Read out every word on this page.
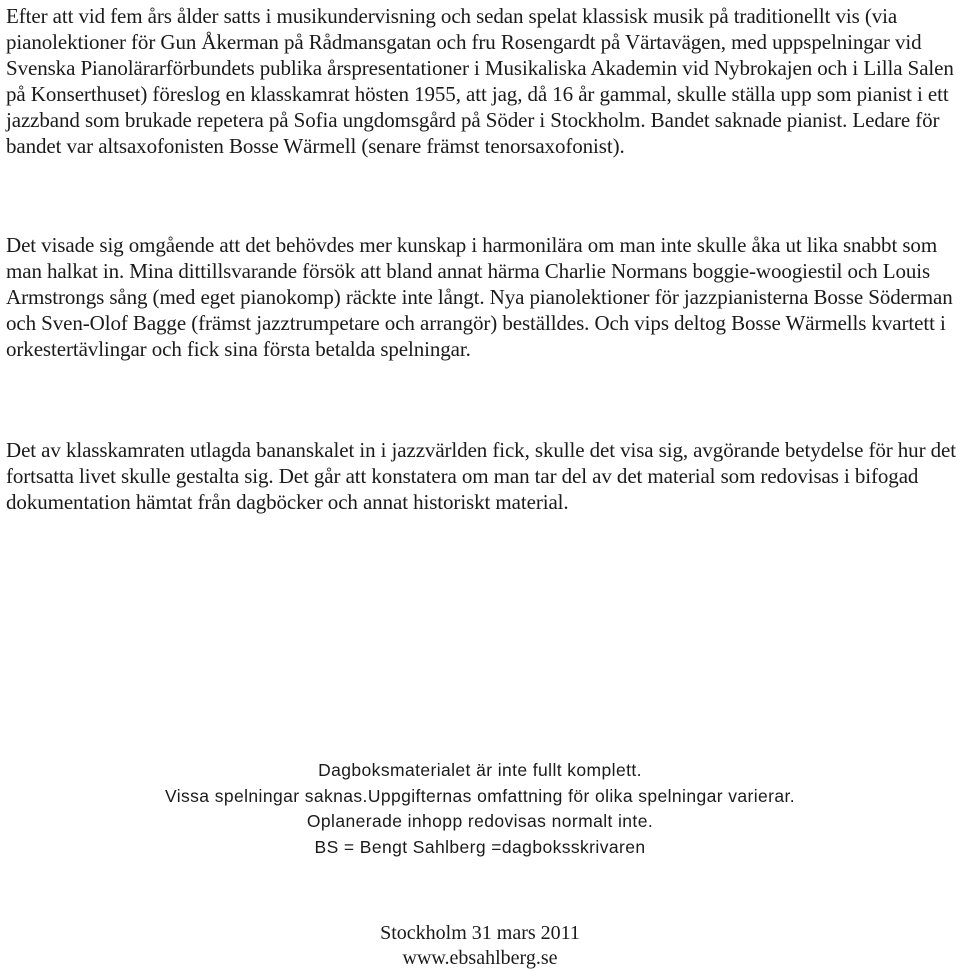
Efter att vid fem års ålder satts i musikundervisning och sedan spelat klassisk musik på traditionellt vis (via pianolektioner för Gun Åkerman på Rådmansgatan och fru Rosengardt på Värtavägen, med uppspelningar vid Svenska Pianolärarförbundets publika årspresentationer i Musikaliska Akademin vid Nybrokajen och i Lilla Salen på Konserthuset) föreslog en klasskamrat hösten 1955, att jag, då 16 år gammal, skulle ställa upp som pianist i ett jazzband som brukade repetera på Sofia ungdomsgård på Söder i Stockholm. Bandet saknade pianist. Ledare för bandet var altsaxofonisten Bosse Wärmell (senare främst tenorsaxofonist).

Det visade sig omgående att det behövdes mer kunskap i harmonilära om man inte skulle åka ut lika snabbt som man halkat in. Mina dittillsvarande försök att bland annat härma Charlie Normans boggie-woogiestil och Louis Armstrongs sång (med eget pianokomp) räckte inte långt. Nya pianolektioner för jazzpianisterna Bosse Söderman och Sven-Olof Bagge (främst jazztrumpetare och arrangör) beställdes. Och vips deltog Bosse Wärmells kvartett i orkestertävlingar och fick sina första betalda spelningar.

Det av klasskamraten utlagda bananskalet in i jazzvärlden fick, skulle det visa sig, avgörande betydelse för hur det fortsatta livet skulle gestalta sig. Det går att konstatera om man tar del av det material som redovisas i bifogad dokumentation hämtat från dagböcker och annat historiskt material.

Dagboksmaterialet är inte fullt komplett.
Vissa spelningar saknas.Uppgifternas omfattning för olika spelningar varierar.
Oplanerade inhopp redovisas normalt inte.
BS = Bengt Sahlberg =dagboksskrivaren
Stockholm 31 mars 2011
www.ebsahlberg.se
